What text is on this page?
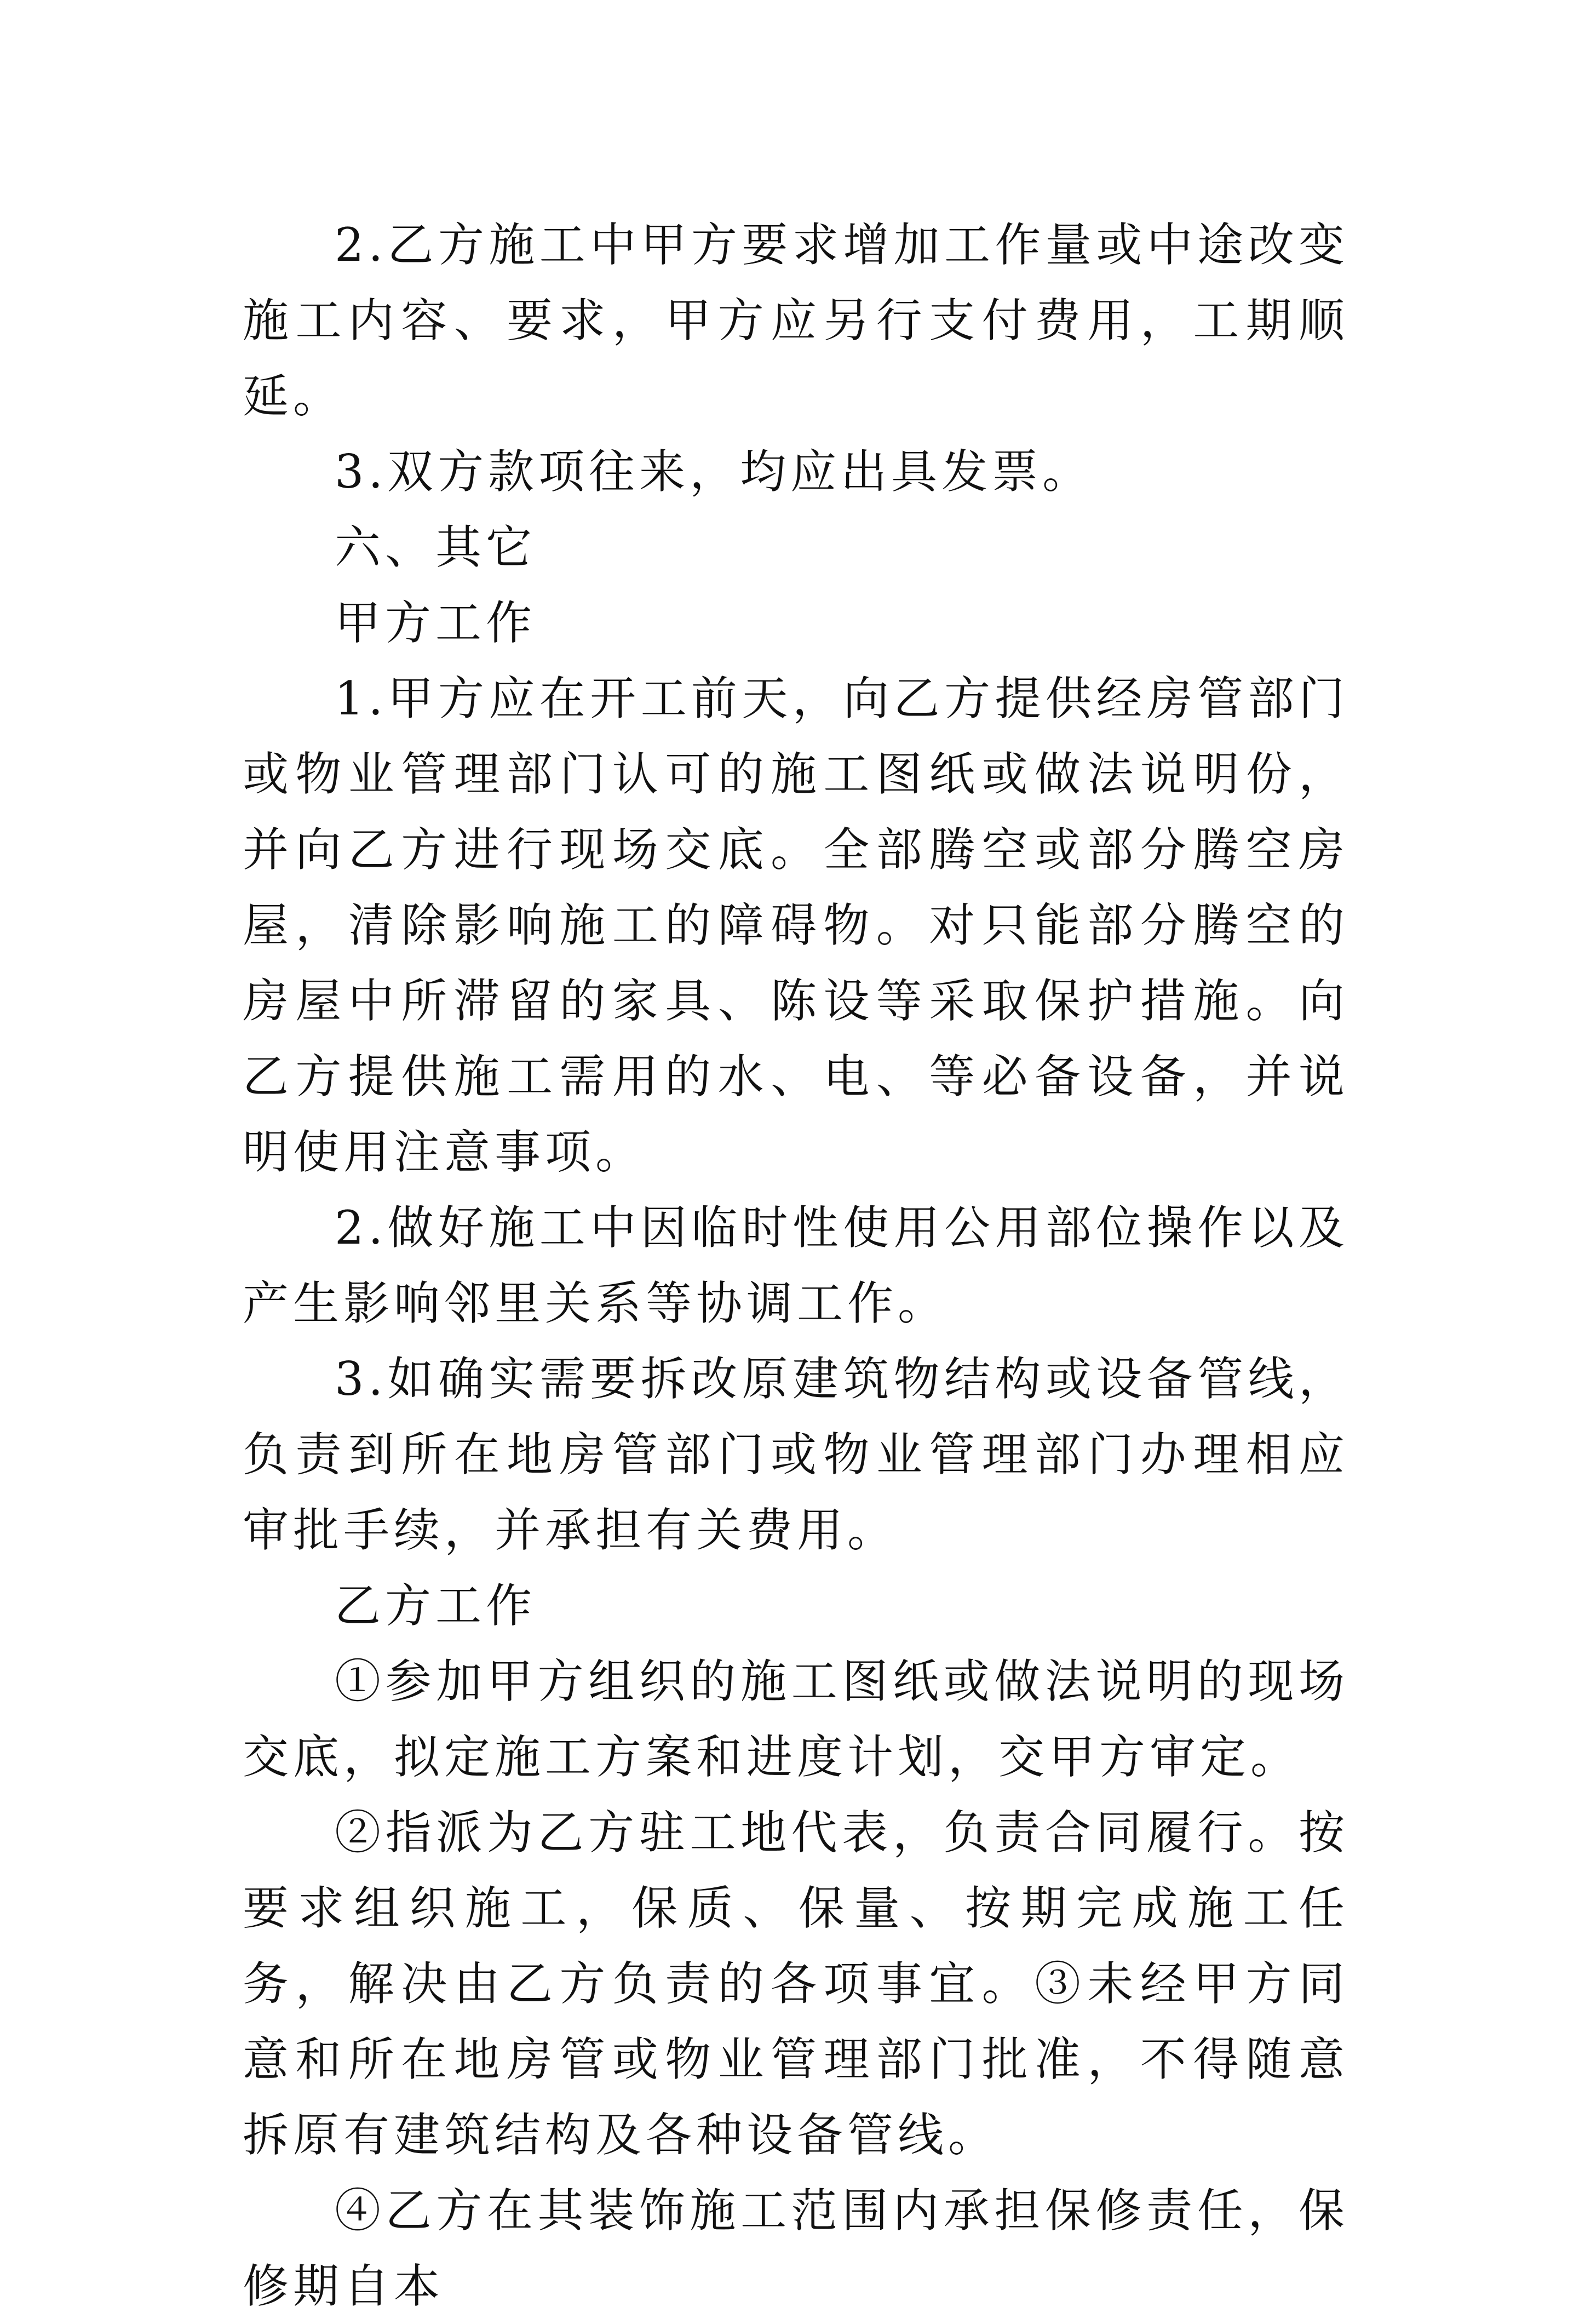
2.乙方施工中甲方要求增加工作量或中途改变施工内容、要求，甲方应另行支付费用，工期顺延。

3.双方款项往来，均应出具发票。

六、其它

甲方工作

1.甲方应在开工前天，向乙方提供经房管部门或物业管理部门认可的施工图纸或做法说明份，并向乙方进行现场交底。全部腾空或部分腾空房屋，清除影响施工的障碍物。对只能部分腾空的房屋中所滞留的家具、陈设等采取保护措施。向乙方提供施工需用的水、电、等必备设备，并说明使用注意事项。

2.做好施工中因临时性使用公用部位操作以及产生影响邻里关系等协调工作。

3.如确实需要拆改原建筑物结构或设备管线，负责到所在地房管部门或物业管理部门办理相应审批手续，并承担有关费用。

乙方工作

①参加甲方组织的施工图纸或做法说明的现场交底，拟定施工方案和进度计划，交甲方审定。

②指派为乙方驻工地代表，负责合同履行。按要求组织施工，保质、保量、按期完成施工任务，解决由乙方负责的各项事宜。③未经甲方同意和所在地房管或物业管理部门批准，不得随意拆原有建筑结构及各种设备管线。

④乙方在其装饰施工范围内承担保修责任，保修期自本
